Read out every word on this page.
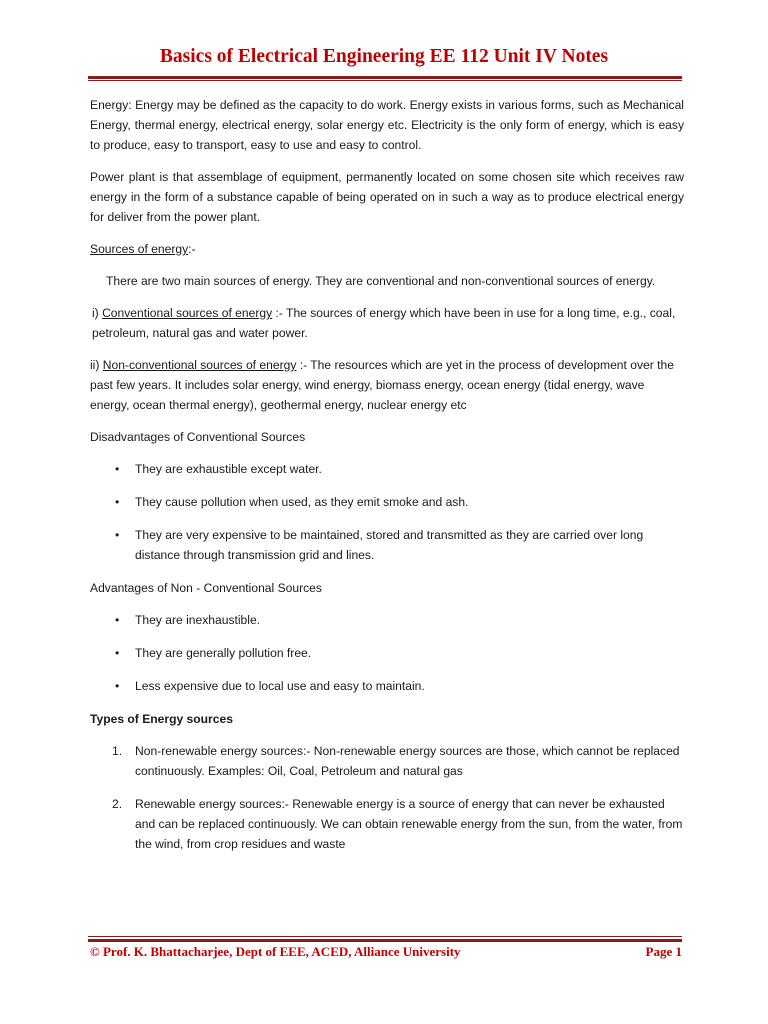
Basics of Electrical Engineering EE 112 Unit IV Notes

Energy: Energy may be defined as the capacity to do work. Energy exists in various forms, such as Mechanical Energy, thermal energy, electrical energy, solar energy etc. Electricity is the only form of energy, which is easy to produce, easy to transport, easy to use and easy to control.

Power plant is that assemblage of equipment, permanently located on some chosen site which receives raw energy in the form of a substance capable of being operated on in such a way as to produce electrical energy for deliver from the power plant.

Sources of energy:-

There are two main sources of energy. They are conventional and non-conventional sources of energy.

i) Conventional sources of energy :- The sources of energy which have been in use for a long time, e.g., coal, petroleum, natural gas and water power.

ii) Non-conventional sources of energy :- The resources which are yet in the process of development over the past few years. It includes solar energy, wind energy, biomass energy, ocean energy (tidal energy, wave energy, ocean thermal energy), geothermal energy, nuclear energy etc

Disadvantages of Conventional Sources

• They are exhaustible except water.
• They cause pollution when used, as they emit smoke and ash.
• They are very expensive to be maintained, stored and transmitted as they are carried over long distance through transmission grid and lines.

Advantages of Non - Conventional Sources

• They are inexhaustible.
• They are generally pollution free.
• Less expensive due to local use and easy to maintain.

Types of Energy sources

1. Non-renewable energy sources:- Non-renewable energy sources are those, which cannot be replaced continuously. Examples: Oil, Coal, Petroleum and natural gas
2. Renewable energy sources:- Renewable energy is a source of energy that can never be exhausted and can be replaced continuously. We can obtain renewable energy from the sun, from the water, from the wind, from crop residues and waste
© Prof. K. Bhattacharjee, Dept of EEE, ACED, Alliance University	Page 1
